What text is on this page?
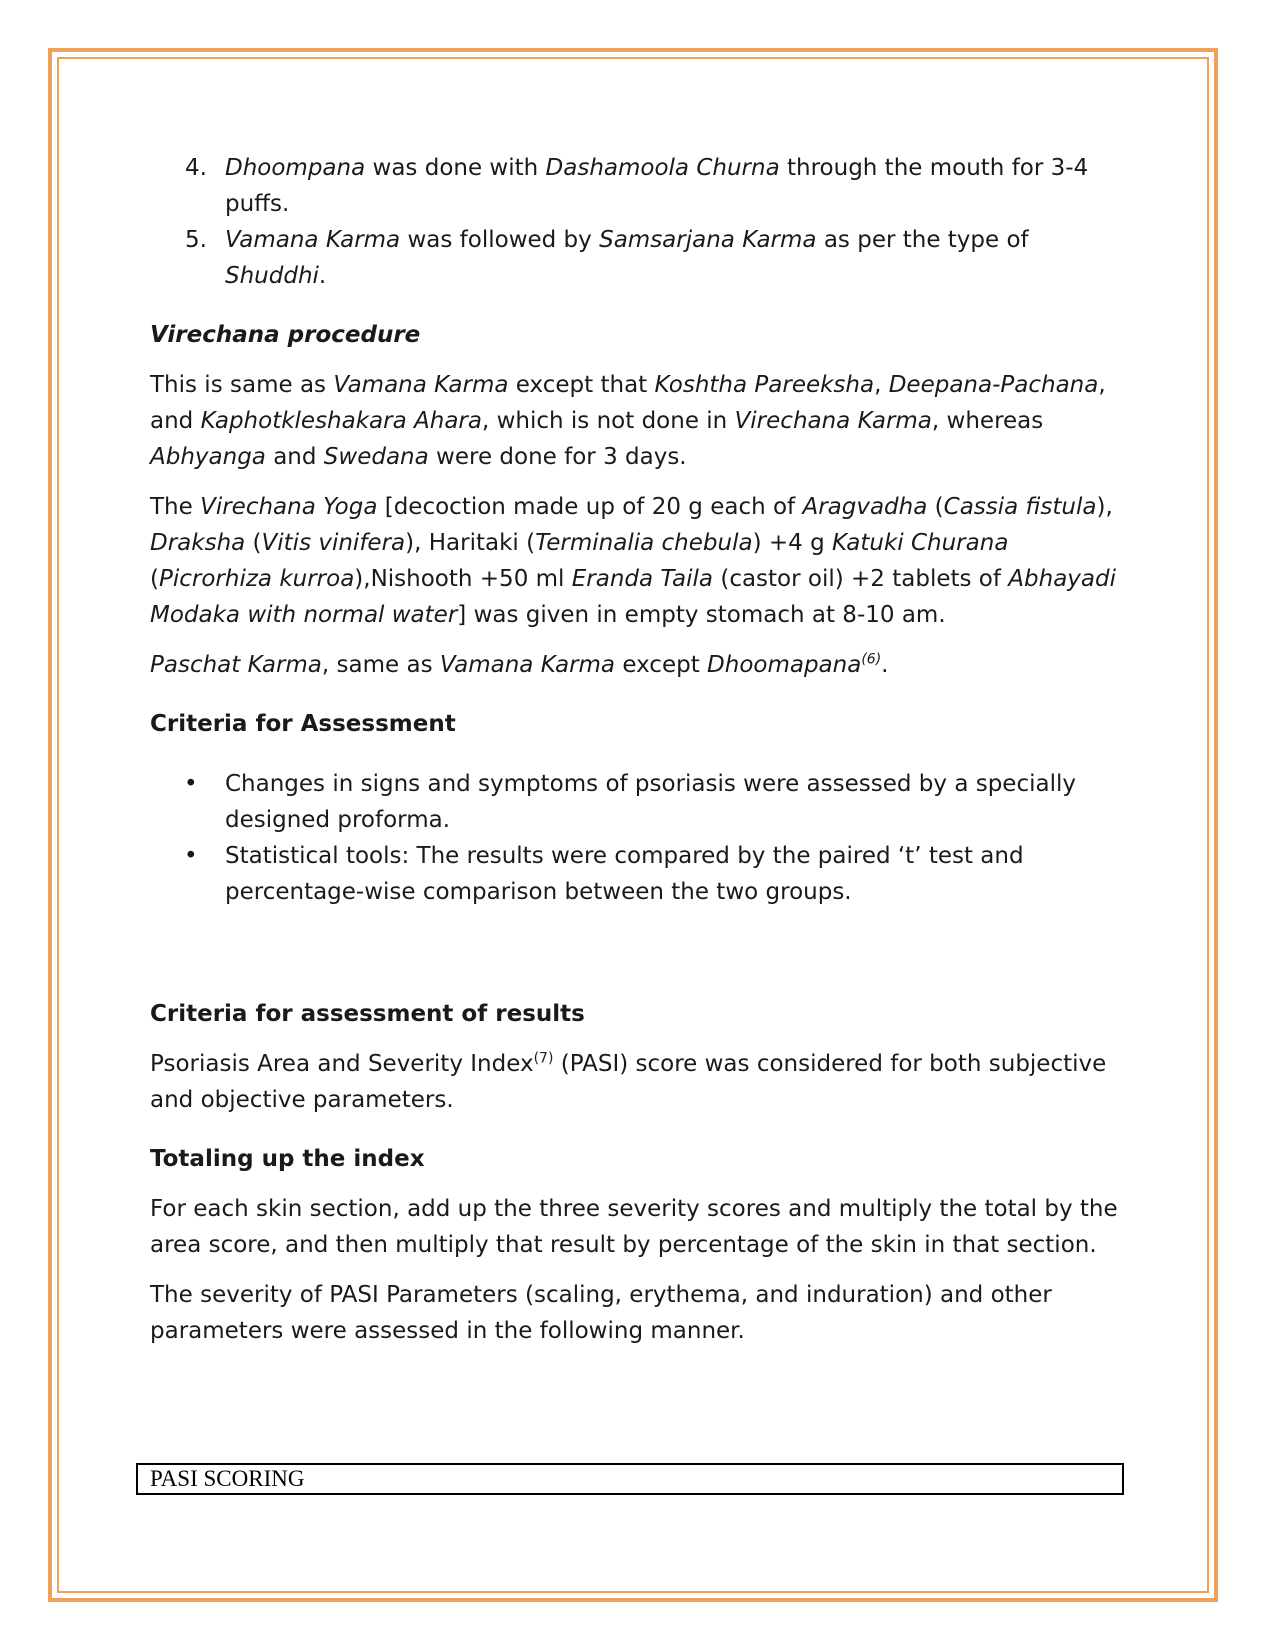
4. Dhoompana was done with Dashamoola Churna through the mouth for 3-4 puffs.
5. Vamana Karma was followed by Samsarjana Karma as per the type of Shuddhi.

Virechana procedure

This is same as Vamana Karma except that Koshtha Pareeksha, Deepana-Pachana, and Kaphotkleshakara Ahara, which is not done in Virechana Karma, whereas Abhyanga and Swedana were done for 3 days.

The Virechana Yoga [decoction made up of 20 g each of Aragvadha (Cassia fistula), Draksha (Vitis vinifera), Haritaki (Terminalia chebula) +4 g Katuki Churana (Picrorhiza kurroa),Nishooth +50 ml Eranda Taila (castor oil) +2 tablets of Abhayadi Modaka with normal water] was given in empty stomach at 8-10 am.

Paschat Karma, same as Vamana Karma except Dhoomapana$^{(6)}$.

Criteria for Assessment

• Changes in signs and symptoms of psoriasis were assessed by a specially designed proforma.
• Statistical tools: The results were compared by the paired ‘t’ test and percentage-wise comparison between the two groups.

Criteria for assessment of results

Psoriasis Area and Severity Index$^{(7)}$ (PASI) score was considered for both subjective and objective parameters.

Totaling up the index

For each skin section, add up the three severity scores and multiply the total by the area score, and then multiply that result by percentage of the skin in that section.

The severity of PASI Parameters (scaling, erythema, and induration) and other parameters were assessed in the following manner.

PASI SCORING
